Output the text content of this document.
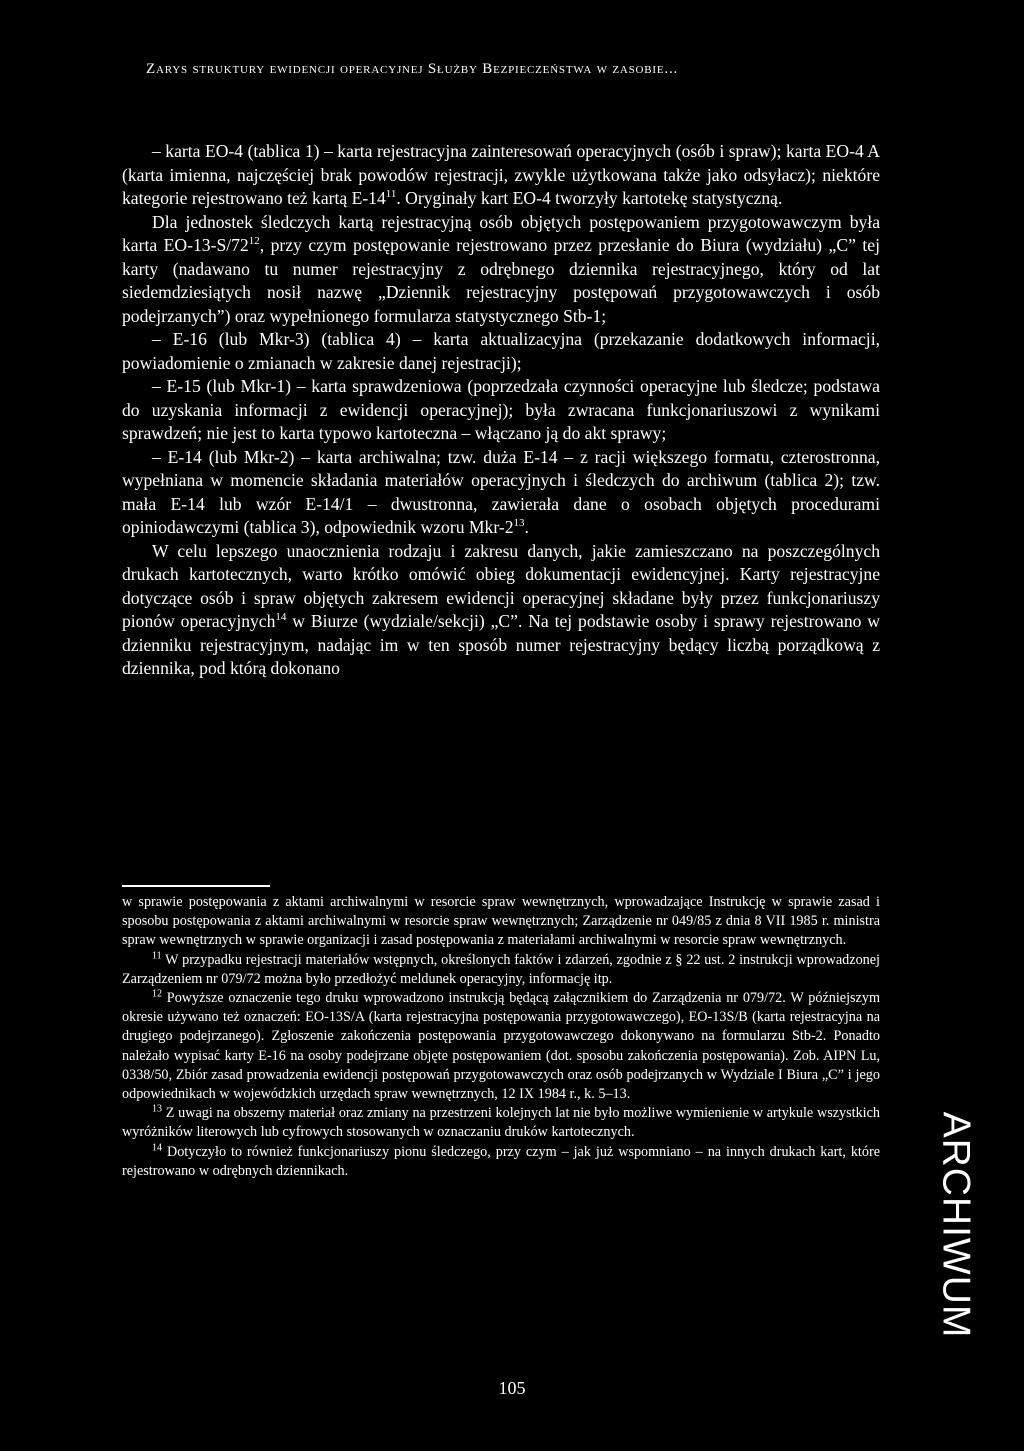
Zarys struktury ewidencji operacyjnej Służby Bezpieczeństwa w zasobie...

– karta EO-4 (tablica 1) – karta rejestracyjna zainteresowań operacyjnych (osób i spraw); karta EO-4 A (karta imienna, najczęściej brak powodów rejestracji, zwykle użytkowana także jako odsyłacz); niektóre kategorie rejestrowano też kartą $E-14^{11}$. Oryginały kart EO-4 tworzyły kartotekę statystyczną.

Dla jednostek śledczych kartą rejestracyjną osób objętych postępowaniem przygotowawczym była karta $EO-13-S/72^{12}$, przy czym postępowanie rejestrowano przez przesłanie do Biura (wydziału) „C” tej karty (nadawano tu numer rejestracyjny z odrębnego dziennika rejestracyjnego, który od lat siedemdziesiątych nosił nazwę „Dziennik rejestracyjny postępowań przygotowawczych i osób podejrzanych”) oraz wypełnionego formularza statystycznego Stb-1;

– E-16 (lub Mkr-3) (tablica 4) – karta aktualizacyjna (przekazanie dodatkowych informacji, powiadomienie o zmianach w zakresie danej rejestracji);

– E-15 (lub Mkr-1) – karta sprawdzeniowa (poprzedzała czynności operacyjne lub śledcze; podstawa do uzyskania informacji z ewidencji operacyjnej); była zwracana funkcjonariuszowi z wynikami sprawdzeń; nie jest to karta typowo kartoteczna – włączano ją do akt sprawy;

– E-14 (lub Mkr-2) – karta archiwalna; tzw. duża E-14 – z racji większego formatu, czterostronna, wypełniana w momencie składania materiałów operacyjnych i śledczych do archiwum (tablica 2); tzw. mała E-14 lub wzór E-14/1 – dwustronna, zawierała dane o osobach objętych procedurami opiniodawczymi (tablica 3), odpowiednik wzoru Mkr-$2^{13}$.

W celu lepszego unaocznienia rodzaju i zakresu danych, jakie zamieszczano na poszczególnych drukach kartotecznych, warto krótko omówić obieg dokumentacji ewidencyjnej. Karty rejestracyjne dotyczące osób i spraw objętych zakresem ewidencji operacyjnej składane były przez funkcjonariuszy pionów operacyjnych$^{14}$ w Biurze (wydziale/sekcji) „C”. Na tej podstawie osoby i sprawy rejestrowano w dzienniku rejestracyjnym, nadając im w ten sposób numer rejestracyjny będący liczbą porządkową z dziennika, pod którą dokonano

w sprawie postępowania z aktami archiwalnymi w resorcie spraw wewnętrznych, wprowadzające Instrukcję w sprawie zasad i sposobu postępowania z aktami archiwalnymi w resorcie spraw wewnętrznych; Zarządzenie nr 049/85 z dnia 8 VII 1985 r. ministra spraw wewnętrznych w sprawie organizacji i zasad postępowania z materiałami archiwalnymi w resorcie spraw wewnętrznych.

$^{11}$ W przypadku rejestracji materiałów wstępnych, określonych faktów i zdarzeń, zgodnie z § 22 ust. 2 instrukcji wprowadzonej Zarządzeniem nr 079/72 można było przedłożyć meldunek operacyjny, informację itp.

$^{12}$ Powyższe oznaczenie tego druku wprowadzono instrukcją będącą załącznikiem do Zarządzenia nr 079/72. W późniejszym okresie używano też oznaczeń: EO-13S/A (karta rejestracyjna postępowania przygotowawczego), EO-13S/B (karta rejestracyjna na drugiego podejrzanego). Zgłoszenie zakończenia postępowania przygotowawczego dokonywano na formularzu Stb-2. Ponadto należało wypisać karty E-16 na osoby podejrzane objęte postępowaniem (dot. sposobu zakończenia postępowania). Zob. AIPN Lu, 0338/50, Zbiór zasad prowadzenia ewidencji postępowań przygotowawczych oraz osób podejrzanych w Wydziale I Biura „C” i jego odpowiednikach w wojewódzkich urzędach spraw wewnętrznych, 12 IX 1984 r., k. 5–13.

$^{13}$ Z uwagi na obszerny materiał oraz zmiany na przestrzeni kolejnych lat nie było możliwe wymienienie w artykule wszystkich wyróżników literowych lub cyfrowych stosowanych w oznaczaniu druków kartotecznych.

$^{14}$ Dotyczyło to również funkcjonariuszy pionu śledczego, przy czym – jak już wspomniano – na innych drukach kart, które rejestrowano w odrębnych dziennikach.	ARCHIWUM
105
